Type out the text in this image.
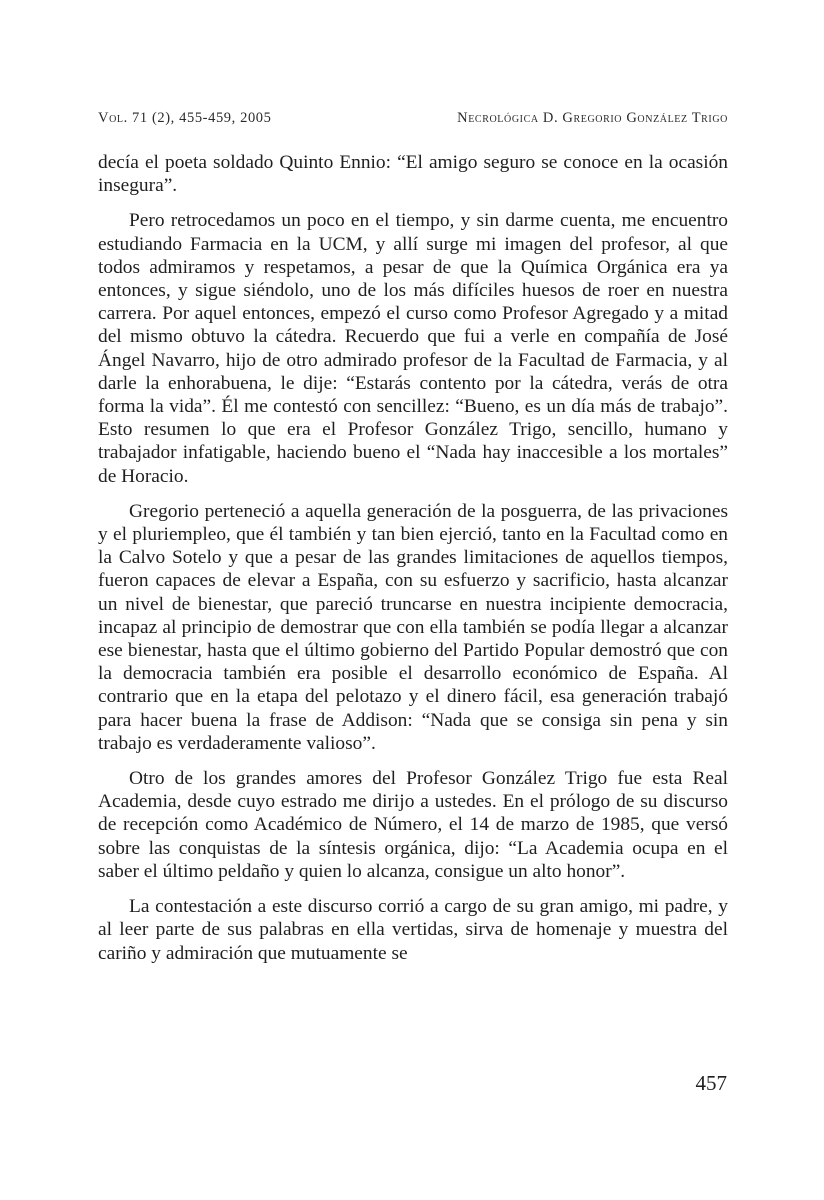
Vol. 71 (2), 455-459, 2005	Necrológica D. Gregorio González Trigo

decía el poeta soldado Quinto Ennio: “El amigo seguro se conoce en la ocasión insegura”.

Pero retrocedamos un poco en el tiempo, y sin darme cuenta, me encuentro estudiando Farmacia en la UCM, y allí surge mi imagen del profesor, al que todos admiramos y respetamos, a pesar de que la Química Orgánica era ya entonces, y sigue siéndolo, uno de los más difíciles huesos de roer en nuestra carrera. Por aquel entonces, empezó el curso como Profesor Agregado y a mitad del mismo obtuvo la cátedra. Recuerdo que fui a verle en compañía de José Ángel Navarro, hijo de otro admirado profesor de la Facultad de Farmacia, y al darle la enhorabuena, le dije: “Estarás contento por la cátedra, verás de otra forma la vida”. Él me contestó con sencillez: “Bueno, es un día más de trabajo”. Esto resumen lo que era el Profesor González Trigo, sencillo, humano y trabajador infatigable, haciendo bueno el “Nada hay inaccesible a los mortales” de Horacio.

Gregorio perteneció a aquella generación de la posguerra, de las privaciones y el pluriempleo, que él también y tan bien ejerció, tanto en la Facultad como en la Calvo Sotelo y que a pesar de las grandes limitaciones de aquellos tiempos, fueron capaces de elevar a España, con su esfuerzo y sacrificio, hasta alcanzar un nivel de bienestar, que pareció truncarse en nuestra incipiente democracia, incapaz al principio de demostrar que con ella también se podía llegar a alcanzar ese bienestar, hasta que el último gobierno del Partido Popular demostró que con la democracia también era posible el desarrollo económico de España. Al contrario que en la etapa del pelotazo y el dinero fácil, esa generación trabajó para hacer buena la frase de Addison: “Nada que se consiga sin pena y sin trabajo es verdaderamente valioso”.

Otro de los grandes amores del Profesor González Trigo fue esta Real Academia, desde cuyo estrado me dirijo a ustedes. En el prólogo de su discurso de recepción como Académico de Número, el 14 de marzo de 1985, que versó sobre las conquistas de la síntesis orgánica, dijo: “La Academia ocupa en el saber el último peldaño y quien lo alcanza, consigue un alto honor”.

La contestación a este discurso corrió a cargo de su gran amigo, mi padre, y al leer parte de sus palabras en ella vertidas, sirva de homenaje y muestra del cariño y admiración que mutuamente se

457
